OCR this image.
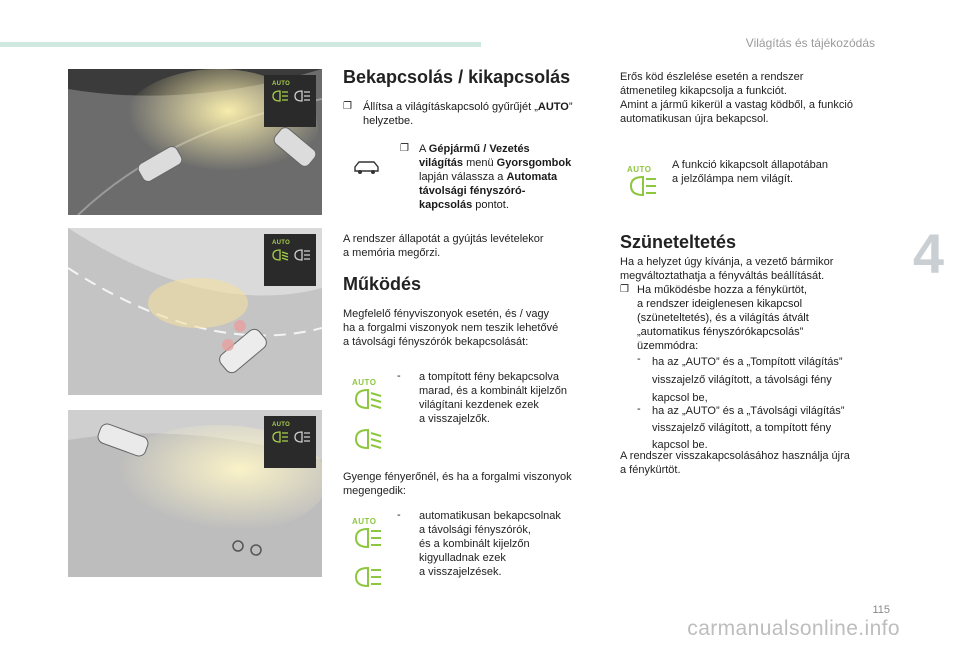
Világítás és tájékozódás
4
115
carmanualsonline.info
AUTO
AUTO
AUTO
Bekapcsolás / kikapcsolás
❐ Állítsa a világításkapcsoló gyűrűjét „AUTO”
helyzetbe.
❐ A Gépjármű / Vezetés
világítás menü Gyorsgombok
lapján válassza a Automata
távolsági fényszóró-
kapcsolás pontot.
A rendszer állapotát a gyújtás levételekor
a memória megőrzi.
Működés
Megfelelő fényviszonyok esetén, és / vagy
ha a forgalmi viszonyok nem teszik lehetővé
a távolsági fényszórók bekapcsolását:
AUTO
- a tompított fény bekapcsolva
marad, és a kombinált kijelzőn
világítani kezdenek ezek
a visszajelzők.
Gyenge fényerőnél, és ha a forgalmi viszonyok
megengedik:
AUTO
- automatikusan bekapcsolnak
a távolsági fényszórók,
és a kombinált kijelzőn
kigyulladnak ezek
a visszajelzések.
Erős köd észlelése esetén a rendszer
átmenetileg kikapcsolja a funkciót.
Amint a jármű kikerül a vastag ködből, a funkció
automatikusan újra bekapcsol.
AUTO A funkció kikapcsolt állapotában
a jelzőlámpa nem világít.
Szüneteltetés
Ha a helyzet úgy kívánja, a vezető bármikor
megváltoztathatja a fényváltás beállítását.
❐ Ha működésbe hozza a fénykürtöt,
a rendszer ideiglenesen kikapcsol
(szüneteltetés), és a világítás átvált
„automatikus fényszórókapcsolás”
üzemmódra:
- ha az „AUTO” és a „Tompított világítás”
visszajelző világított, a távolsági fény
kapcsol be,
- ha az „AUTO” és a „Távolsági világítás”
visszajelző világított, a tompított fény
kapcsol be.
A rendszer visszakapcsolásához használja újra
a fénykürtöt.
